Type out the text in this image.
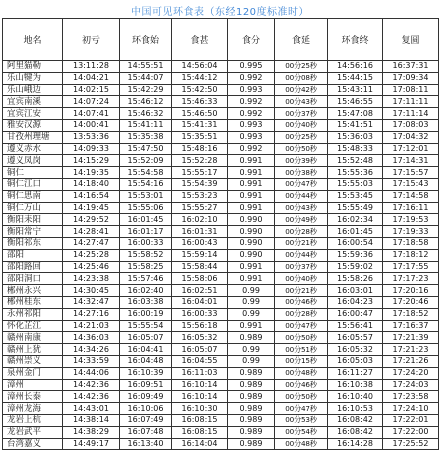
中国可见环食表（东经120度标准时）
地名	初亏	环食始	食甚	食分	食延	环食终	复圆
阿里猫勒	13:11:28	14:55:51	14:56:04	0.995	00分25秒	14:56:16	16:37:31
乐山犍为	14:04:21	15:44:07	15:44:12	0.992	00分08秒	15:44:15	17:09:34
乐山峨边	14:02:15	15:42:29	15:42:50	0.993	00分42秒	15:43:11	17:08:11
宜宾南溪	14:07:24	15:46:12	15:46:33	0.992	00分43秒	15:46:55	17:11:11
宜宾江安	14:07:41	15:46:32	15:46:50	0.992	00分37秒	15:47:08	17:11:14
雅安汉源	14:00:41	15:41:11	15:41:31	0.993	00分40秒	15:41:51	17:08:03
甘孜州理塘	13:53:36	15:35:38	15:35:51	0.993	00分25秒	15:36:03	17:04:32
遵义赤水	14:09:33	15:47:50	15:48:16	0.992	00分50秒	15:48:33	17:12:01
遵义凤岗	14:15:29	15:52:09	15:52:28	0.991	00分39秒	15:52:48	17:14:31
铜仁	14:19:35	15:54:58	15:55:17	0.991	00分38秒	15:55:36	17:15:57
铜仁江口	14:18:40	15:54:16	15:54:39	0.991	00分47秒	15:55:03	17:15:43
铜仁思南	14:16:54	15:53:01	15:53:23	0.991	00分44秒	15:53:45	17:14:58
铜仁万山	14:19:45	15:55:06	15:55:27	0.991	00分43秒	15:55:49	17:16:11
衡阳耒阳	14:29:52	16:01:45	16:02:10	0.990	00分49秒	16:02:34	17:19:53
衡阳常宁	14:28:41	16:01:17	16:01:31	0.990	00分28秒	16:01:45	17:19:33
衡阳祁东	14:27:47	16:00:33	16:00:43	0.990	00分21秒	16:00:54	17:18:58
邵阳	14:25:28	15:58:52	15:59:14	0.990	00分44秒	15:59:36	17:18:12
邵阳路回	14:25:46	15:58:25	15:58:44	0.991	00分37秒	15:59:02	17:17:55
邵阳洞口	14:23:38	15:57:46	15:58:06	0.991	00分40秒	15:58:26	17:17:23
郴州永兴	14:30:45	16:02:40	16:02:51	0.99	00分21秒	16:03:01	17:20:16
郴州桂东	14:32:47	16:03:38	16:04:01	0.99	00分46秒	16:04:23	17:20:46
永州祁阳	14:27:16	16:00:19	16:00:33	0.99	00分28秒	16:00:47	17:18:52
怀化芷江	14:21:03	15:55:54	15:56:18	0.991	00分47秒	15:56:41	17:16:37
赣州南康	14:36:03	16:05:07	16:05:32	0.989	00分50秒	16:05:57	17:21:39
赣州上犹	14:34:26	16:04:41	16:05:07	0.99	00分51秒	16:05:32	17:21:23
赣州崇义	14:33:59	16:04:48	16:04:55	0.99	00分15秒	16:05:03	17:21:26
泉州金门	14:44:06	16:10:39	16:11:03	0.989	00分48秒	16:11:27	17:24:20
漳州	14:42:36	16:09:51	16:10:14	0.989	00分46秒	16:10:38	17:24:03
漳州长泰	14:42:36	16:09:49	16:10:14	0.989	00分50秒	16:10:40	17:23:58
漳州龙海	14:43:01	16:10:06	16:10:30	0.989	00分47秒	16:10:53	17:24:10
龙岩上杭	14:38:14	16:07:49	16:08:15	0.989	00分53秒	16:08:42	17:22:01
龙岩武平	14:38:29	16:07:48	16:08:15	0.989	00分54秒	16:08:42	17:22:00
台湾嘉义	14:49:17	16:13:40	16:14:04	0.989	00分48秒	16:14:28	17:25:52
